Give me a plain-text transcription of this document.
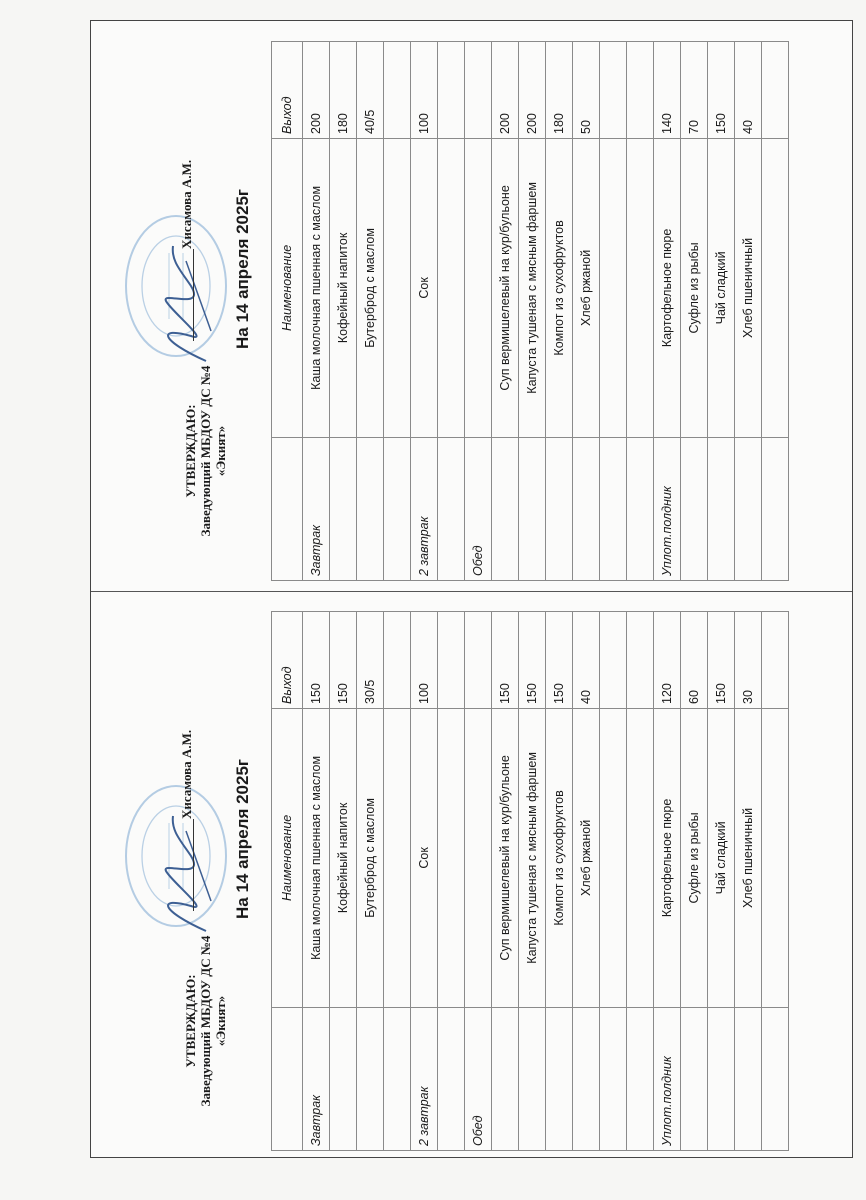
УТВЕРЖДАЮ: Заведующий МБДОУ ДС №4 «Экият»
Хисамова А.М. На 14 апреля 2025г
	Наименование	Выход
Завтрак	Каша молочная пшенная с маслом	200
	Кофейный напиток	180
	Бутерброд с маслом	40/5

2 завтрак	Сок	100

Обед		
	Суп вермишелевый на кур/бульоне	200
	Капуста тушеная с мясным фаршем	200
	Компот из сухофруктов	180
	Хлеб ржаной	50

Уплот.полдник	Картофельное пюре	140
	Суфле из рыбы	70
	Чай сладкий	150
	Хлеб пшеничный	40

УТВЕРЖДАЮ: Заведующий МБДОУ ДС №4 «Экият»
Хисамова А.М. На 14 апреля 2025г
	Наименование	Выход
Завтрак	Каша молочная пшенная с маслом	150
	Кофейный напиток	150
	Бутерброд с маслом	30/5

2 завтрак	Сок	100

Обед		
	Суп вермишелевый на кур/бульоне	150
	Капуста тушеная с мясным фаршем	150
	Компот из сухофруктов	150
	Хлеб ржаной	40

Уплот.полдник	Картофельное пюре	120
	Суфле из рыбы	60
	Чай сладкий	150
	Хлеб пшеничный	30
